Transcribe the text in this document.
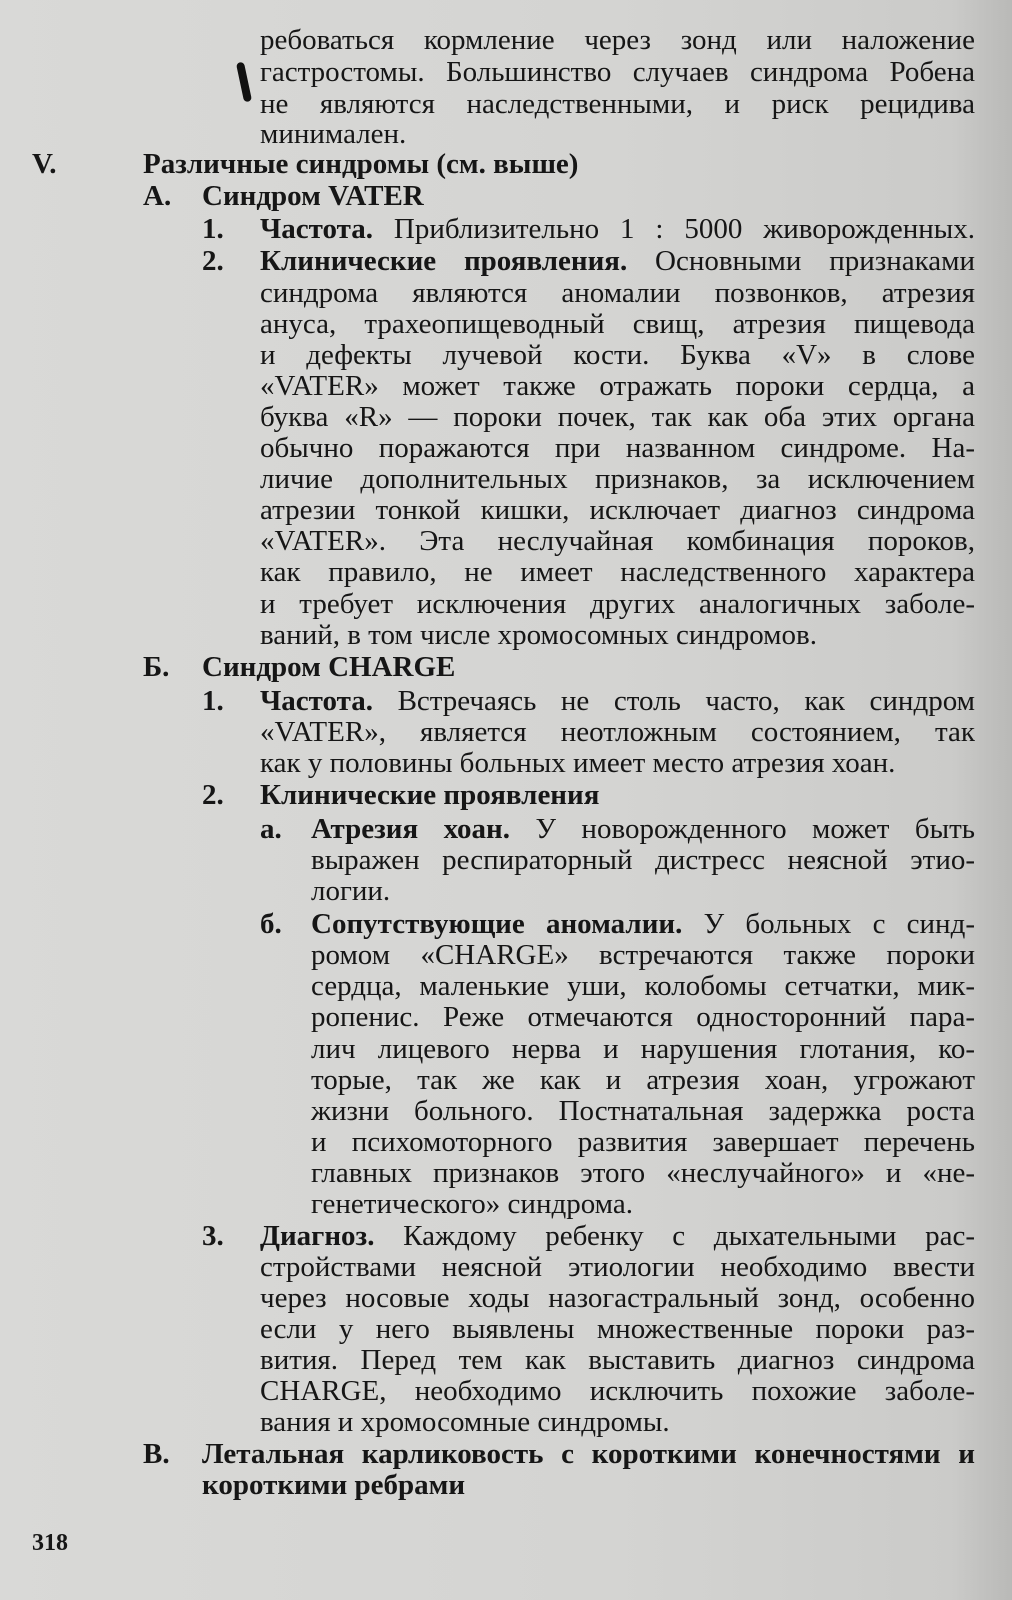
ребоваться кормление через зонд или наложение
гастростомы. Большинство случаев синдрома Робена
не являются наследственными, и риск рецидива
минимален.
V.	Различные синдромы (см. выше)
А. Синдром VATER
1. Частота. Приблизительно 1 : 5000 живорожденных.
2. Клинические проявления. Основными признаками
синдрома являются аномалии позвонков, атрезия
ануса, трахеопищеводный свищ, атрезия пищевода
и дефекты лучевой кости. Буква «V» в слове
«VATER» может также отражать пороки сердца, а
буква «R» — пороки почек, так как оба этих органа
обычно поражаются при названном синдроме. На-
личие дополнительных признаков, за исключением
атрезии тонкой кишки, исключает диагноз синдрома
«VATER». Эта неслучайная комбинация пороков,
как правило, не имеет наследственного характера
и требует исключения других аналогичных заболе-
ваний, в том числе хромосомных синдромов.
Б. Синдром CHARGE
1. Частота. Встречаясь не столь часто, как синдром
«VATER», является неотложным состоянием, так
как у половины больных имеет место атрезия хоан.
2. Клинические проявления
а. Атрезия хоан. У новорожденного может быть
выражен респираторный дистресс неясной этио-
логии.
б. Сопутствующие аномалии. У больных с синд-
ромом «CHARGE» встречаются также пороки
сердца, маленькие уши, колобомы сетчатки, мик-
ропенис. Реже отмечаются односторонний пара-
лич лицевого нерва и нарушения глотания, ко-
торые, так же как и атрезия хоан, угрожают
жизни больного. Постнатальная задержка роста
и психомоторного развития завершает перечень
главных признаков этого «неслучайного» и «не-
генетического» синдрома.
3. Диагноз. Каждому ребенку с дыхательными рас-
стройствами неясной этиологии необходимо ввести
через носовые ходы назогастральный зонд, особенно
если у него выявлены множественные пороки раз-
вития. Перед тем как выставить диагноз синдрома
CHARGE, необходимо исключить похожие заболе-
вания и хромосомные синдромы.
В. Летальная карликовость с короткими конечностями и
короткими ребрами
318
